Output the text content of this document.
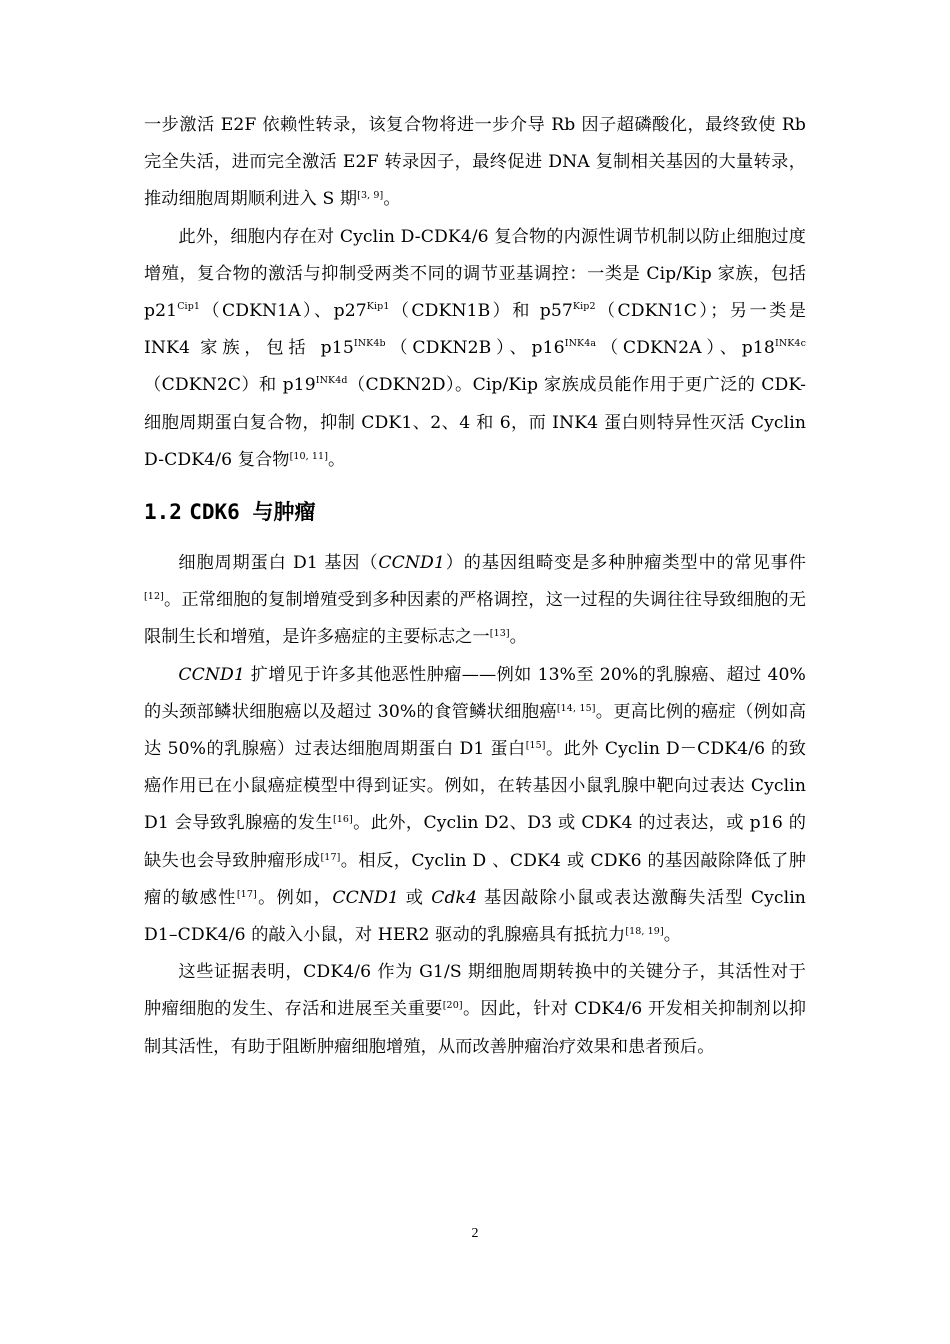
一步激活 E2F 依赖性转录，该复合物将进一步介导 Rb 因子超磷酸化，最终致使 Rb 完全失活，进而完全激活 E2F 转录因子，最终促进 DNA 复制相关基因的大量转录，推动细胞周期顺利进入 S 期[3, 9]。

此外，细胞内存在对 Cyclin D-CDK4/6 复合物的内源性调节机制以防止细胞过度增殖，复合物的激活与抑制受两类不同的调节亚基调控：一类是 Cip/Kip 家族，包括 $p21^{Cip1}(CDKN1A)$、$p27^{Kip1}(CDKN1B)$和 $p57^{Kip2}(CDKN1C)$；另一类是 INK4 家族，包括 $p15^{INK4b}(CDKN2B)$、$p16^{INK4a}(CDKN2A)$、$p18^{INK4c}(CDKN2C)$和 $p19^{INK4d}(CDKN2D)$。Cip/Kip 家族成员能作用于更广泛的 CDK-细胞周期蛋白复合物，抑制 CDK1、2、4 和 6，而 INK4 蛋白则特异性灭活 Cyclin D-CDK4/6 复合物[10, 11]。

1.2 CDK6 与肿瘤

细胞周期蛋白 D1 基因（CCND1）的基因组畸变是多种肿瘤类型中的常见事件[12]。正常细胞的复制增殖受到多种因素的严格调控，这一过程的失调往往导致细胞的无限制生长和增殖，是许多癌症的主要标志之一[13]。

CCND1 扩增见于许多其他恶性肿瘤——例如 13%至 20%的乳腺癌、超过 40%的头颈部鳞状细胞癌以及超过 30%的食管鳞状细胞癌[14, 15]。更高比例的癌症（例如高达 50%的乳腺癌）过表达细胞周期蛋白 D1 蛋白[15]。此外 Cyclin D－CDK4/6 的致癌作用已在小鼠癌症模型中得到证实。例如，在转基因小鼠乳腺中靶向过表达 Cyclin D1 会导致乳腺癌的发生[16]。此外，Cyclin D2、D3 或 CDK4 的过表达，或 p16 的缺失也会导致肿瘤形成[17]。相反，Cyclin D 、CDK4 或 CDK6 的基因敲除降低了肿瘤的敏感性[17]。例如，CCND1 或 Cdk4 基因敲除小鼠或表达激酶失活型 Cyclin D1–CDK4/6 的敲入小鼠，对 HER2 驱动的乳腺癌具有抵抗力[18, 19]。

这些证据表明，CDK4/6 作为 G1/S 期细胞周期转换中的关键分子，其活性对于肿瘤细胞的发生、存活和进展至关重要[20]。因此，针对 CDK4/6 开发相关抑制剂以抑制其活性，有助于阻断肿瘤细胞增殖，从而改善肿瘤治疗效果和患者预后。

2
